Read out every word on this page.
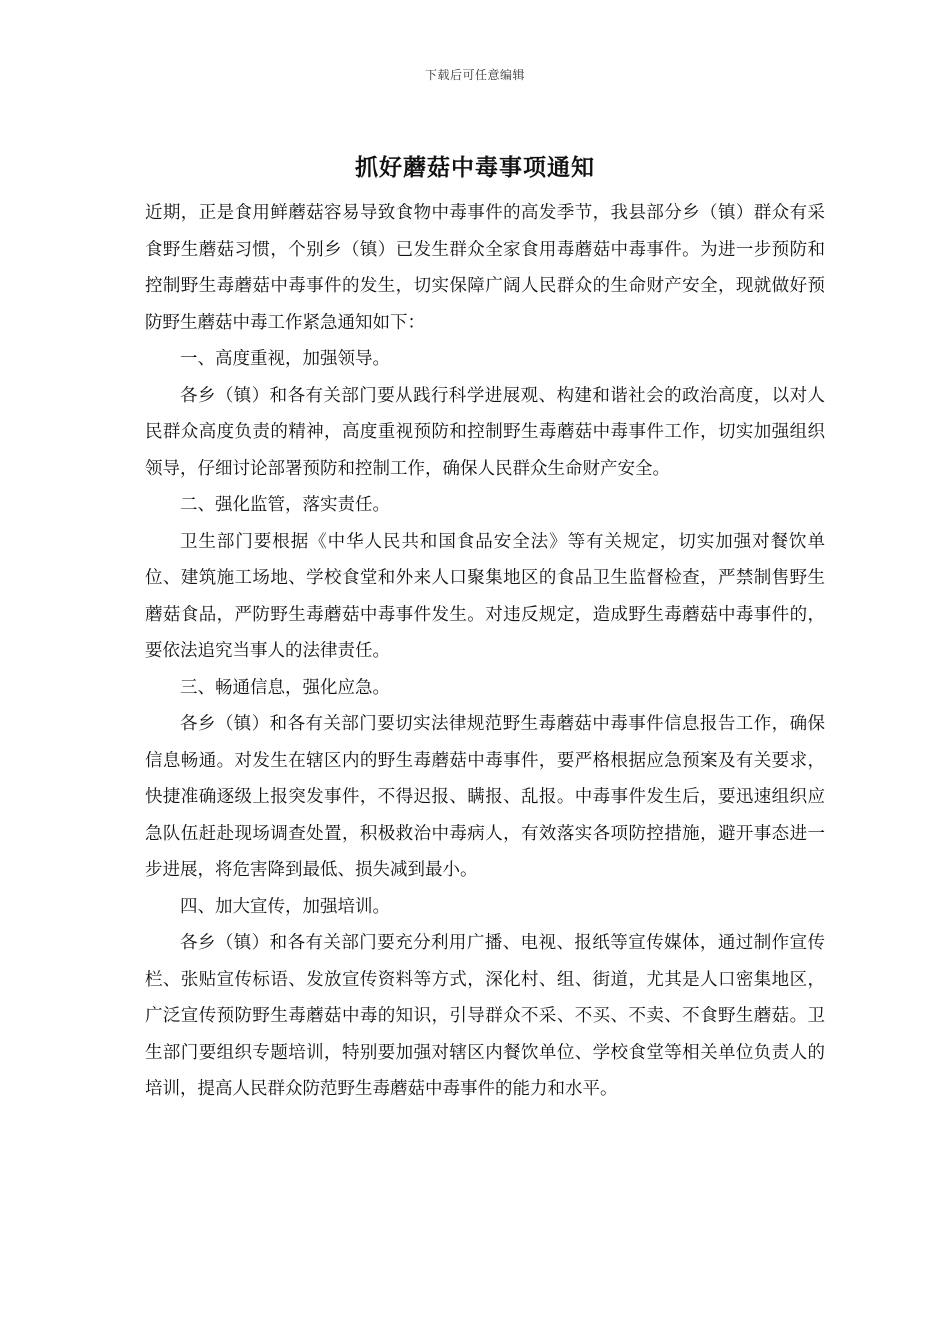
下载后可任意编辑
抓好蘑菇中毒事项通知

近期，正是食用鲜蘑菇容易导致食物中毒事件的高发季节，我县部分乡（镇）群众有采食野生蘑菇习惯，个别乡（镇）已发生群众全家食用毒蘑菇中毒事件。为进一步预防和控制野生毒蘑菇中毒事件的发生，切实保障广阔人民群众的生命财产安全，现就做好预防野生蘑菇中毒工作紧急通知如下：

一、高度重视，加强领导。

各乡（镇）和各有关部门要从践行科学进展观、构建和谐社会的政治高度，以对人民群众高度负责的精神，高度重视预防和控制野生毒蘑菇中毒事件工作，切实加强组织领导，仔细讨论部署预防和控制工作，确保人民群众生命财产安全。

二、强化监管，落实责任。

卫生部门要根据《中华人民共和国食品安全法》等有关规定，切实加强对餐饮单位、建筑施工场地、学校食堂和外来人口聚集地区的食品卫生监督检查，严禁制售野生蘑菇食品，严防野生毒蘑菇中毒事件发生。对违反规定，造成野生毒蘑菇中毒事件的，要依法追究当事人的法律责任。

三、畅通信息，强化应急。

各乡（镇）和各有关部门要切实法律规范野生毒蘑菇中毒事件信息报告工作，确保信息畅通。对发生在辖区内的野生毒蘑菇中毒事件，要严格根据应急预案及有关要求，快捷准确逐级上报突发事件，不得迟报、瞒报、乱报。中毒事件发生后，要迅速组织应急队伍赶赴现场调查处置，积极救治中毒病人，有效落实各项防控措施，避开事态进一步进展，将危害降到最低、损失减到最小。

四、加大宣传，加强培训。

各乡（镇）和各有关部门要充分利用广播、电视、报纸等宣传媒体，通过制作宣传栏、张贴宣传标语、发放宣传资料等方式，深化村、组、街道，尤其是人口密集地区，广泛宣传预防野生毒蘑菇中毒的知识，引导群众不采、不买、不卖、不食野生蘑菇。卫生部门要组织专题培训，特别要加强对辖区内餐饮单位、学校食堂等相关单位负责人的培训，提高人民群众防范野生毒蘑菇中毒事件的能力和水平。
